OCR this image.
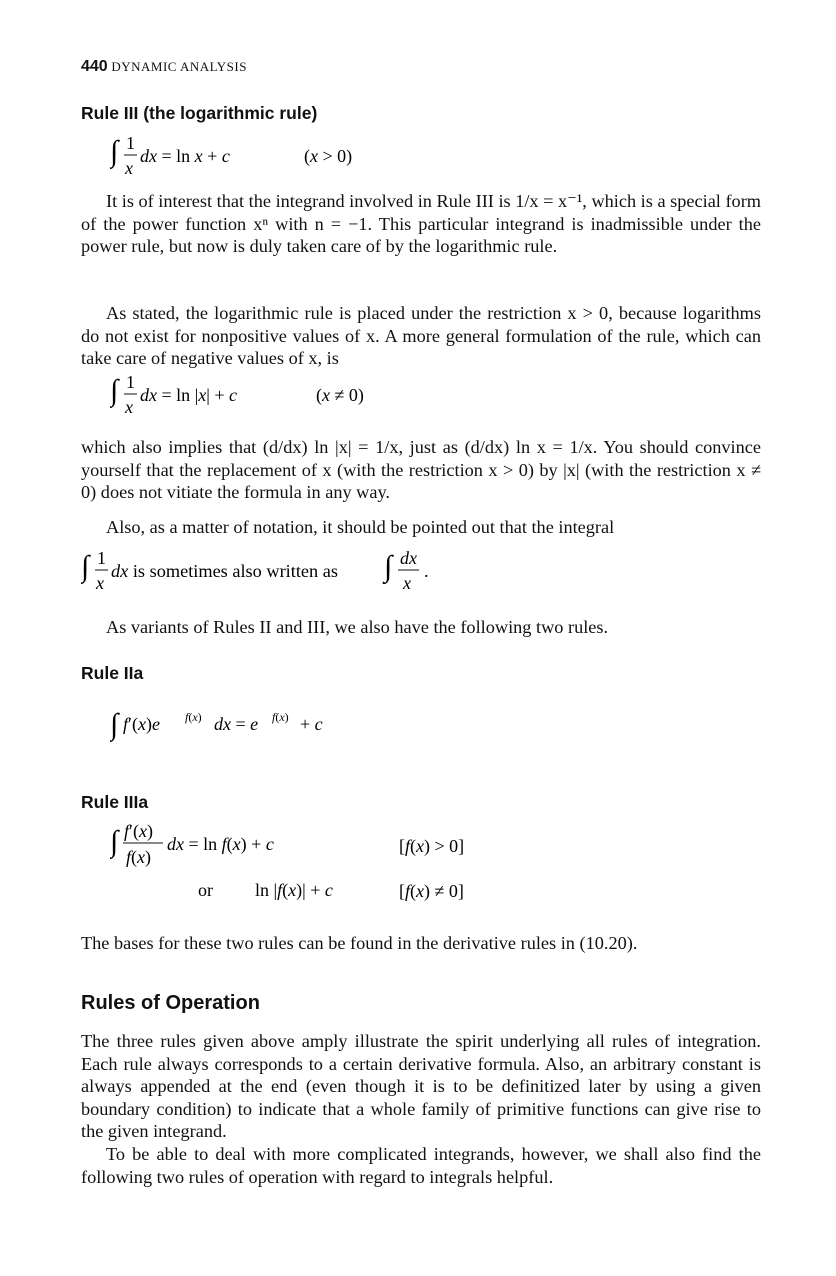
440 DYNAMIC ANALYSIS
Rule III (the logarithmic rule)
∫ 1
x
dx = ln x + c	(x > 0)
It is of interest that the integrand involved in Rule III is 1/x = x⁻¹, which is a special form of the power function xⁿ with n = −1. This particular integrand is inadmissible under the power rule, but now is duly taken care of by the logarithmic rule.
As stated, the logarithmic rule is placed under the restriction x > 0, because logarithms do not exist for nonpositive values of x. A more general formulation of the rule, which can take care of negative values of x, is
∫ 1
x
dx = ln |x| + c	(x ≠ 0)
which also implies that (d/dx) ln |x| = 1/x, just as (d/dx) ln x = 1/x. You should convince yourself that the replacement of x (with the restriction x > 0) by |x| (with the restriction x ≠ 0) does not vitiate the formula in any way.
Also, as a matter of notation, it should be pointed out that the integral
∫ 1
x
dx is sometimes also written as ∫ dx
x
.
As variants of Rules II and III, we also have the following two rules.
Rule IIa
∫ f′(x)e f(x) dx = e f(x) + c
Rule IIIa
∫ f′(x)
f(x)
dx = ln f(x) + c	[f(x) > 0]
or ln |f(x)| + c	[f(x) ≠ 0]
The bases for these two rules can be found in the derivative rules in (10.20).
Rules of Operation
The three rules given above amply illustrate the spirit underlying all rules of integration. Each rule always corresponds to a certain derivative formula. Also, an arbitrary constant is always appended at the end (even though it is to be definitized later by using a given boundary condition) to indicate that a whole family of primitive functions can give rise to the given integrand.
To be able to deal with more complicated integrands, however, we shall also find the following two rules of operation with regard to integrals helpful.
